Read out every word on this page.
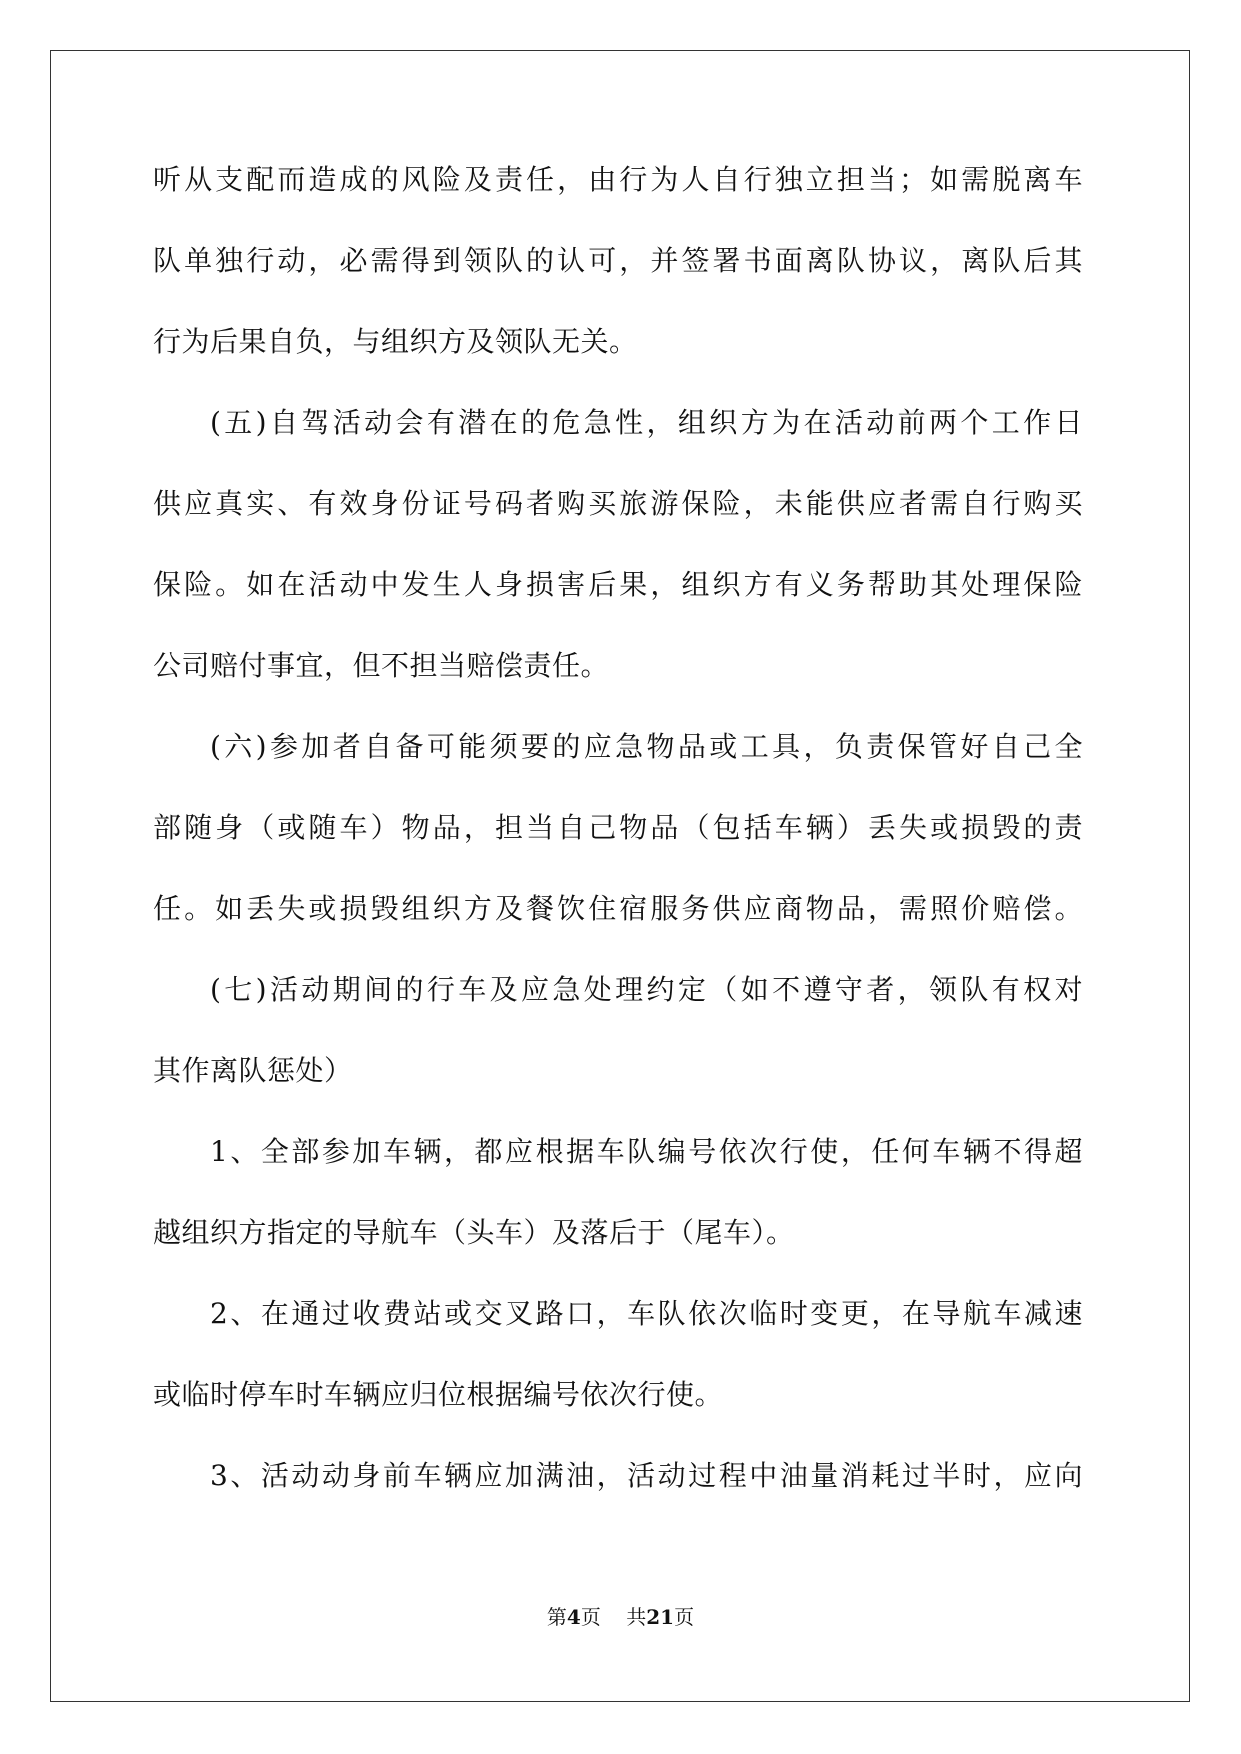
听从支配而造成的风险及责任，由行为人自行独立担当；如需脱离车
队单独行动，必需得到领队的认可，并签署书面离队协议，离队后其
行为后果自负，与组织方及领队无关。
(五)自驾活动会有潜在的危急性，组织方为在活动前两个工作日
供应真实、有效身份证号码者购买旅游保险，未能供应者需自行购买
保险。如在活动中发生人身损害后果，组织方有义务帮助其处理保险
公司赔付事宜，但不担当赔偿责任。
(六)参加者自备可能须要的应急物品或工具，负责保管好自己全
部随身（或随车）物品，担当自己物品（包括车辆）丢失或损毁的责
任。如丢失或损毁组织方及餐饮住宿服务供应商物品，需照价赔偿。
(七)活动期间的行车及应急处理约定（如不遵守者，领队有权对
其作离队惩处）
1、全部参加车辆，都应根据车队编号依次行使，任何车辆不得超
越组织方指定的导航车（头车）及落后于（尾车）。
2、在通过收费站或交叉路口，车队依次临时变更，在导航车减速
或临时停车时车辆应归位根据编号依次行使。
3、活动动身前车辆应加满油，活动过程中油量消耗过半时，应向
第4页 共21页
